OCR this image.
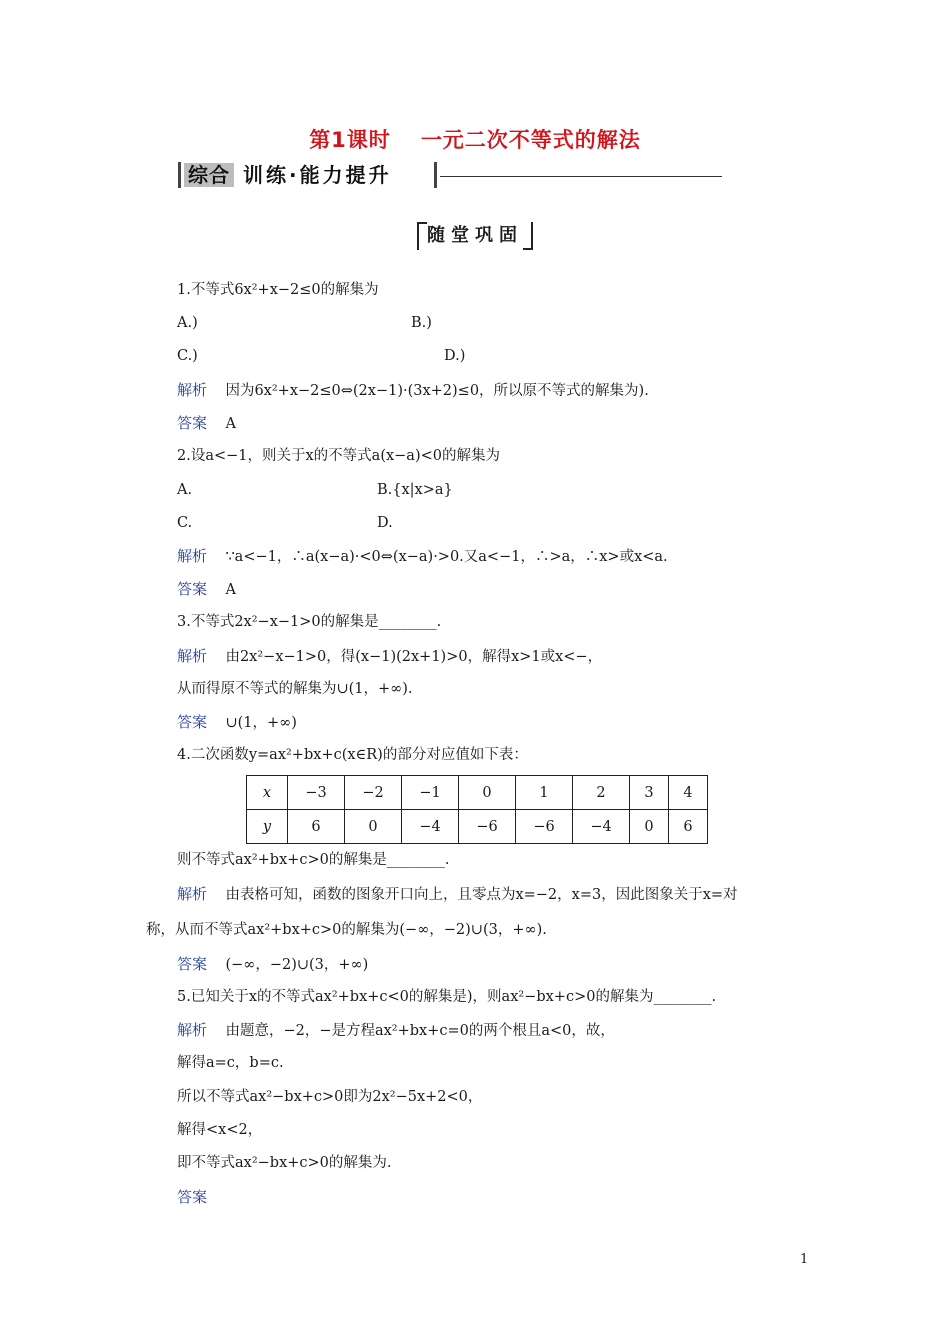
第1课时 一元二次不等式的解法
综合 训练·能力提升
随堂巩固
1.不等式6x²+x−2≤0的解集为
A.)	B.)
C.)	D.)
解析 因为6x²+x−2≤0⇔(2x−1)·(3x+2)≤0，所以原不等式的解集为).
答案 A
2.设a<−1，则关于x的不等式a(x−a)<0的解集为
A.	B.{x|x>a}
C.	D.
解析 ∵a<−1，∴a(x−a)·<0⇔(x−a)·>0.又a<−1，∴>a，∴x>或x<a.
答案 A
3.不等式2x²−x−1>0的解集是________.
解析 由2x²−x−1>0，得(x−1)(2x+1)>0，解得x>1或x<−，
从而得原不等式的解集为∪(1，+∞).
答案 ∪(1，+∞)
4.二次函数y=ax²+bx+c(x∈R)的部分对应值如下表：
x	−3	−2	−1	0	1	2	3	4
y	6	0	−4	−6	−6	−4	0	6
则不等式ax²+bx+c>0的解集是________.
解析 由表格可知，函数的图象开口向上，且零点为x=−2，x=3，因此图象关于x=对
称，从而不等式ax²+bx+c>0的解集为(−∞，−2)∪(3，+∞).
答案 (−∞，−2)∪(3，+∞)
5.已知关于x的不等式ax²+bx+c<0的解集是)，则ax²−bx+c>0的解集为________.
解析 由题意，−2，−是方程ax²+bx+c=0的两个根且a<0，故，
解得a=c，b=c.
所以不等式ax²−bx+c>0即为2x²−5x+2<0，
解得<x<2，
即不等式ax²−bx+c>0的解集为.
答案
1
